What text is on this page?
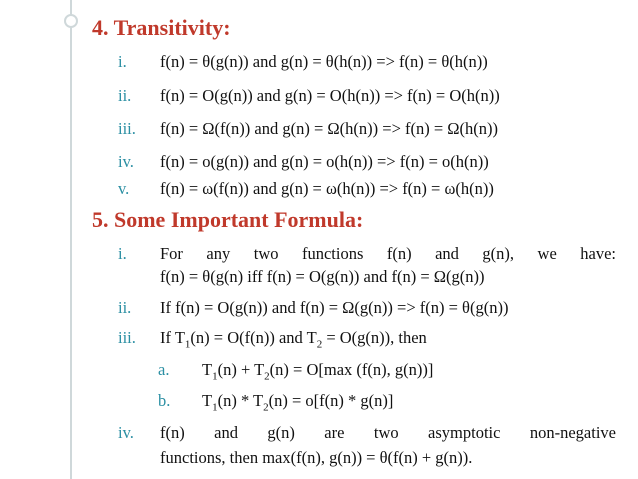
4. Transitivity:
i. f(n) = θ(g(n)) and g(n) = θ(h(n)) => f(n) = θ(h(n))
ii. f(n) = O(g(n)) and g(n) = O(h(n)) => f(n) = O(h(n))
iii. f(n) = Ω(f(n)) and g(n) = Ω(h(n)) => f(n) = Ω(h(n))
iv. f(n) = o(g(n)) and g(n) = o(h(n)) => f(n) = o(h(n))
v. f(n) = ω(f(n)) and g(n) = ω(h(n)) => f(n) = ω(h(n))
5. Some Important Formula:
i. For any two functions f(n) and g(n), we have:
f(n) = θ(g(n) iff f(n) = O(g(n)) and f(n) = Ω(g(n))
ii. If f(n) = O(g(n)) and f(n) = Ω(g(n)) => f(n) = θ(g(n))
iii. If $T_1(n) = O(f(n))$ and $T_2 = O(g(n))$, then
a. $T_1(n) + T_2(n) = O[\max$ (f(n), g(n))]
b. $T_1(n) * T_2(n) = o[f(n) * g(n)]$
iv. f(n) and g(n) are two asymptotic non-negative
functions, then max(f(n), g(n)) = θ(f(n) + g(n)).
